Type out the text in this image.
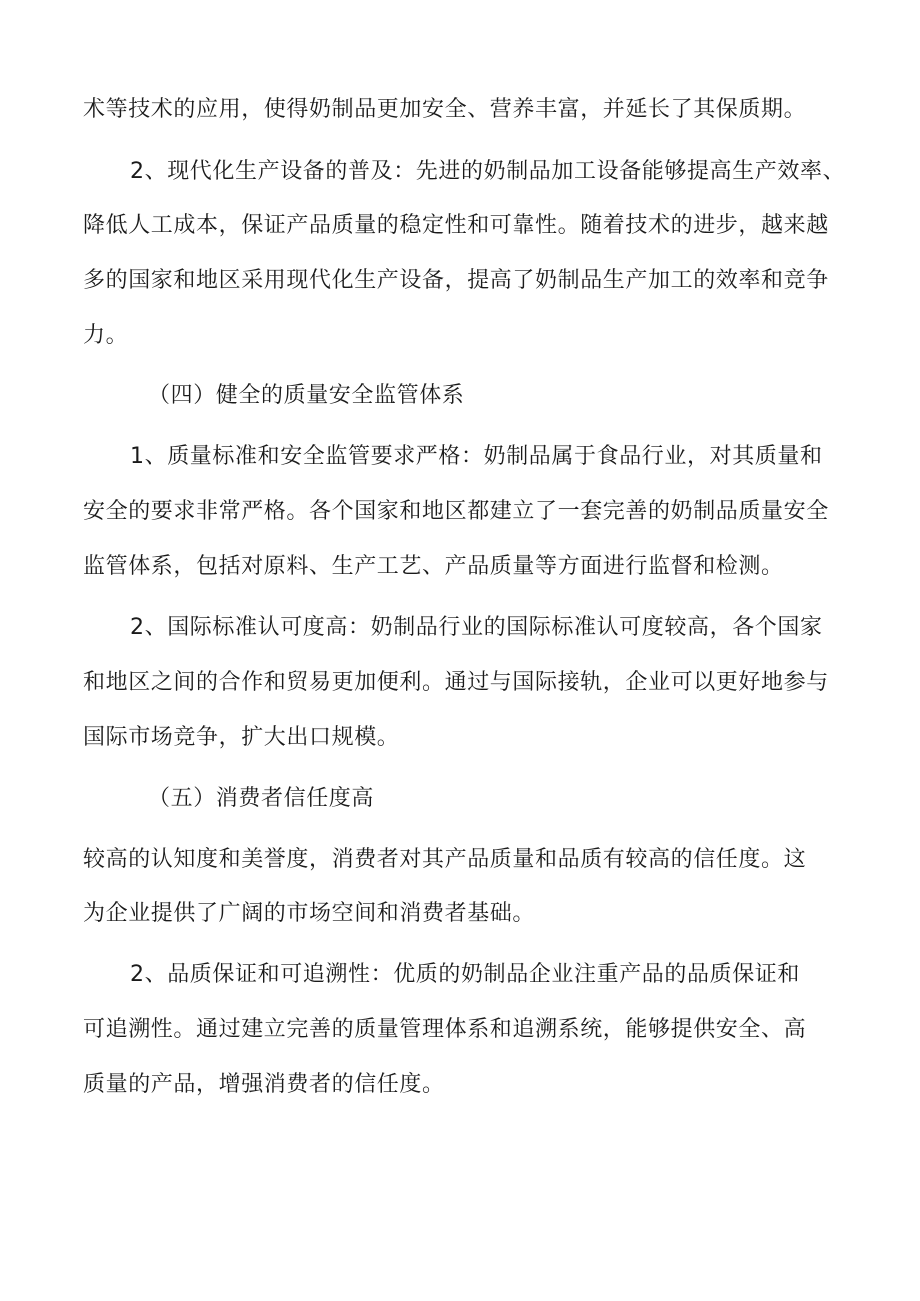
术等技术的应用，使得奶制品更加安全、营养丰富，并延长了其保质期。
2、现代化生产设备的普及：先进的奶制品加工设备能够提高生产效率、
降低人工成本，保证产品质量的稳定性和可靠性。随着技术的进步，越来越
多的国家和地区采用现代化生产设备，提高了奶制品生产加工的效率和竞争
力。
（四）健全的质量安全监管体系
1、质量标准和安全监管要求严格：奶制品属于食品行业，对其质量和
安全的要求非常严格。各个国家和地区都建立了一套完善的奶制品质量安全
监管体系，包括对原料、生产工艺、产品质量等方面进行监督和检测。
2、国际标准认可度高：奶制品行业的国际标准认可度较高，各个国家
和地区之间的合作和贸易更加便利。通过与国际接轨，企业可以更好地参与
国际市场竞争，扩大出口规模。
（五）消费者信任度高
较高的认知度和美誉度，消费者对其产品质量和品质有较高的信任度。这
为企业提供了广阔的市场空间和消费者基础。
2、品质保证和可追溯性：优质的奶制品企业注重产品的品质保证和
可追溯性。通过建立完善的质量管理体系和追溯系统，能够提供安全、高
质量的产品，增强消费者的信任度。
